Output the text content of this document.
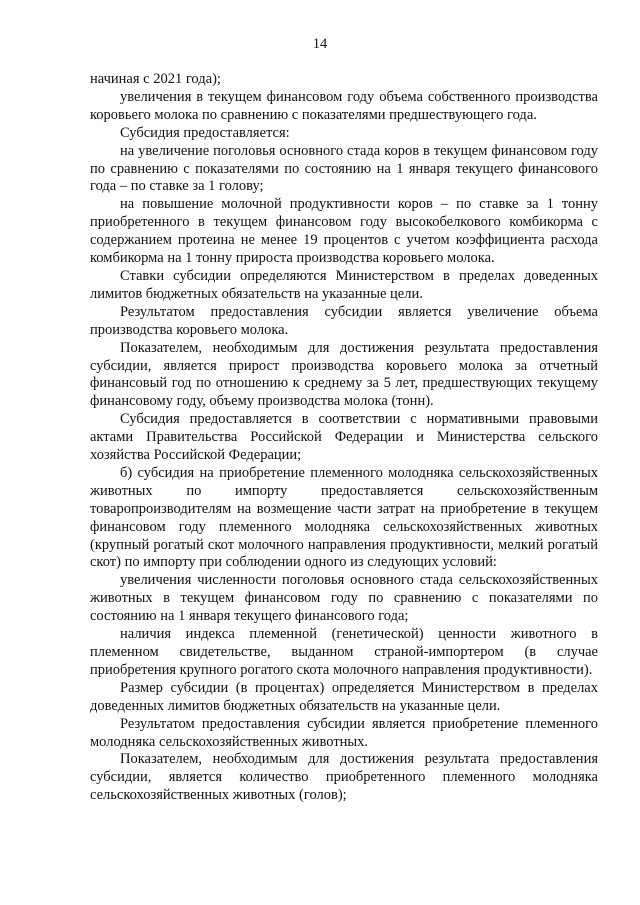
14

начиная с 2021 года);

увеличения в текущем финансовом году объема собственного производства коровьего молока по сравнению с показателями предшествующего года.

Субсидия предоставляется:

на увеличение поголовья основного стада коров в текущем финансовом году по сравнению с показателями по состоянию на 1 января текущего финансового года – по ставке за 1 голову;

на повышение молочной продуктивности коров – по ставке за 1 тонну приобретенного в текущем финансовом году высокобелкового комбикорма с содержанием протеина не менее 19 процентов с учетом коэффициента расхода комбикорма на 1 тонну прироста производства коровьего молока.

Ставки субсидии определяются Министерством в пределах доведенных лимитов бюджетных обязательств на указанные цели.

Результатом предоставления субсидии является увеличение объема производства коровьего молока.

Показателем, необходимым для достижения результата предоставления субсидии, является прирост производства коровьего молока за отчетный финансовый год по отношению к среднему за 5 лет, предшествующих текущему финансовому году, объему производства молока (тонн).

Субсидия предоставляется в соответствии с нормативными правовыми актами Правительства Российской Федерации и Министерства сельского хозяйства Российской Федерации;

б) субсидия на приобретение племенного молодняка сельскохозяйственных животных по импорту предоставляется сельскохозяйственным товаропроизводителям на возмещение части затрат на приобретение в текущем финансовом году племенного молодняка сельскохозяйственных животных (крупный рогатый скот молочного направления продуктивности, мелкий рогатый скот) по импорту при соблюдении одного из следующих условий:

увеличения численности поголовья основного стада сельскохозяйственных животных в текущем финансовом году по сравнению с показателями по состоянию на 1 января текущего финансового года;

наличия индекса племенной (генетической) ценности животного в племенном свидетельстве, выданном страной-импортером (в случае приобретения крупного рогатого скота молочного направления продуктивности).

Размер субсидии (в процентах) определяется Министерством в пределах доведенных лимитов бюджетных обязательств на указанные цели.

Результатом предоставления субсидии является приобретение племенного молодняка сельскохозяйственных животных.

Показателем, необходимым для достижения результата предоставления субсидии, является количество приобретенного племенного молодняка сельскохозяйственных животных (голов);
